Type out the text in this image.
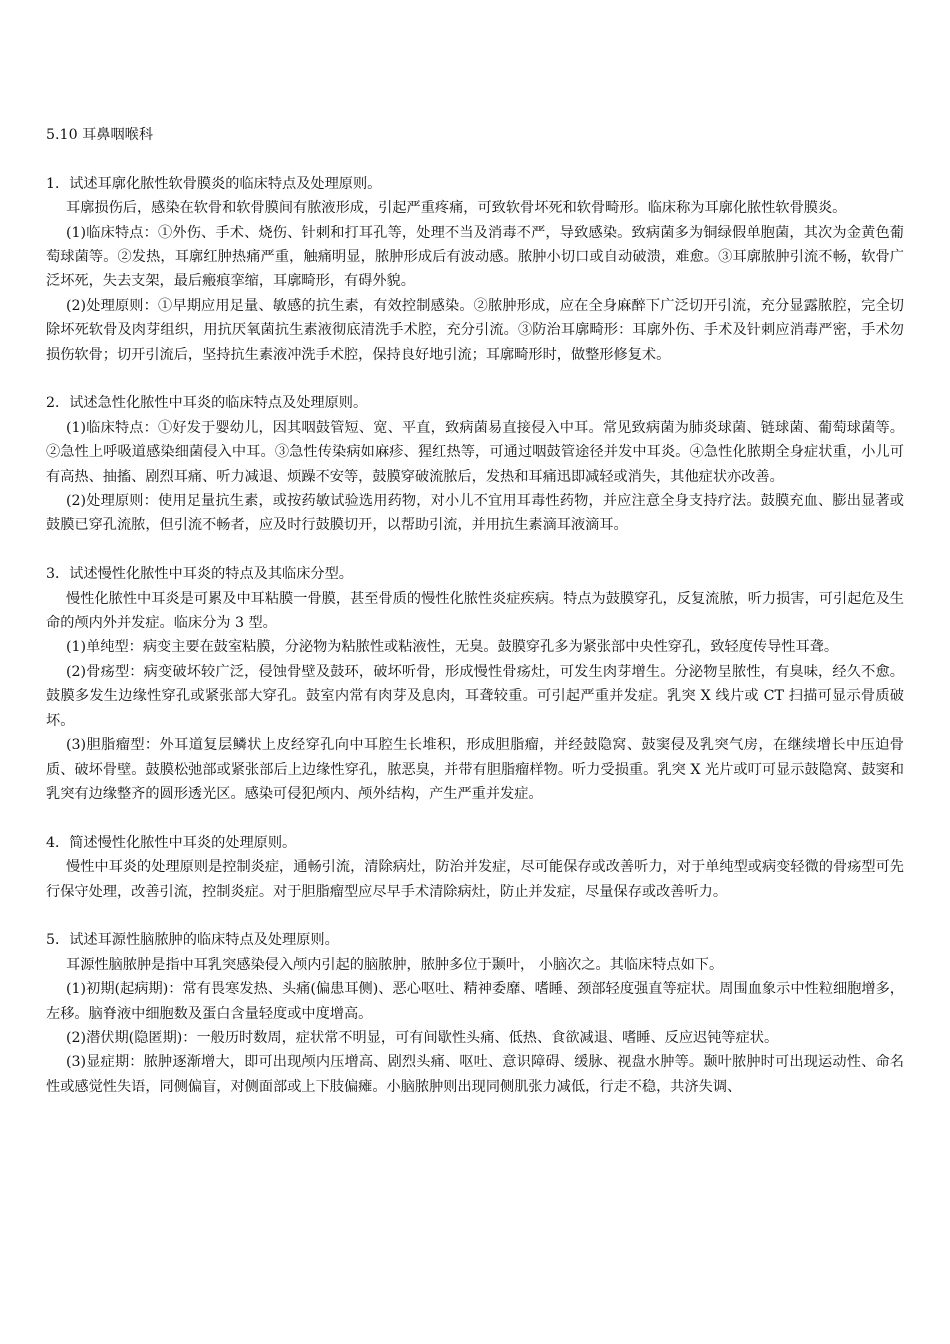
5.10 耳鼻咽喉科

1．试述耳廓化脓性软骨膜炎的临床特点及处理原则。

耳廓损伤后，感染在软骨和软骨膜间有脓液形成，引起严重疼痛，可致软骨坏死和软骨畸形。临床称为耳廓化脓性软骨膜炎。

(1)临床特点：①外伤、手术、烧伤、针刺和打耳孔等，处理不当及消毒不严，导致感染。致病菌多为铜绿假单胞菌，其次为金黄色葡萄球菌等。②发热，耳廓红肿热痛严重，触痛明显，脓肿形成后有波动感。脓肿小切口或自动破溃，难愈。③耳廓脓肿引流不畅，软骨广泛坏死，失去支架，最后瘢痕挛缩，耳廓畸形，有碍外貌。

(2)处理原则：①早期应用足量、敏感的抗生素，有效控制感染。②脓肿形成，应在全身麻醉下广泛切开引流，充分显露脓腔，完全切除坏死软骨及肉芽组织，用抗厌氧菌抗生素液彻底清洗手术腔，充分引流。③防治耳廓畸形：耳廓外伤、手术及针刺应消毒严密，手术勿损伤软骨；切开引流后，坚持抗生素液冲洗手术腔，保持良好地引流；耳廓畸形时，做整形修复术。

2．试述急性化脓性中耳炎的临床特点及处理原则。

(1)临床特点：①好发于婴幼儿，因其咽鼓管短、宽、平直，致病菌易直接侵入中耳。常见致病菌为肺炎球菌、链球菌、葡萄球菌等。②急性上呼吸道感染细菌侵入中耳。③急性传染病如麻疹、猩红热等，可通过咽鼓管途径并发中耳炎。④急性化脓期全身症状重，小儿可有高热、抽搐、剧烈耳痛、听力减退、烦躁不安等，鼓膜穿破流脓后，发热和耳痛迅即减轻或消失，其他症状亦改善。

(2)处理原则：使用足量抗生素，或按药敏试验选用药物，对小儿不宜用耳毒性药物，并应注意全身支持疗法。鼓膜充血、膨出显著或鼓膜已穿孔流脓，但引流不畅者，应及时行鼓膜切开，以帮助引流，并用抗生素滴耳液滴耳。

3．试述慢性化脓性中耳炎的特点及其临床分型。

慢性化脓性中耳炎是可累及中耳粘膜一骨膜，甚至骨质的慢性化脓性炎症疾病。特点为鼓膜穿孔，反复流脓，听力损害，可引起危及生命的颅内外并发症。临床分为 3 型。

(1)单纯型：病变主要在鼓室粘膜，分泌物为粘脓性或粘液性，无臭。鼓膜穿孔多为紧张部中央性穿孔，致轻度传导性耳聋。

(2)骨疡型：病变破坏较广泛，侵蚀骨壁及鼓环，破坏听骨，形成慢性骨疡灶，可发生肉芽增生。分泌物呈脓性，有臭味，经久不愈。鼓膜多发生边缘性穿孔或紧张部大穿孔。鼓室内常有肉芽及息肉，耳聋较重。可引起严重并发症。乳突 X 线片或 CT 扫描可显示骨质破坏。

(3)胆脂瘤型：外耳道复层鳞状上皮经穿孔向中耳腔生长堆积，形成胆脂瘤，并经鼓隐窝、鼓窦侵及乳突气房，在继续增长中压迫骨质、破坏骨壁。鼓膜松弛部或紧张部后上边缘性穿孔，脓恶臭，并带有胆脂瘤样物。听力受损重。乳突 X 光片或叮可显示鼓隐窝、鼓窦和乳突有边缘整齐的圆形透光区。感染可侵犯颅内、颅外结构，产生严重并发症。

4．简述慢性化脓性中耳炎的处理原则。

慢性中耳炎的处理原则是控制炎症，通畅引流，清除病灶，防治并发症，尽可能保存或改善听力，对于单纯型或病变轻微的骨疡型可先行保守处理，改善引流，控制炎症。对于胆脂瘤型应尽早手术清除病灶，防止并发症，尽量保存或改善听力。

5．试述耳源性脑脓肿的临床特点及处理原则。

耳源性脑脓肿是指中耳乳突感染侵入颅内引起的脑脓肿，脓肿多位于颞叶， 小脑次之。其临床特点如下。

(1)初期(起病期)：常有畏寒发热、头痛(偏患耳侧)、恶心呕吐、精神委靡、嗜睡、颈部轻度强直等症状。周围血象示中性粒细胞增多，左移。脑脊液中细胞数及蛋白含量轻度或中度增高。

(2)潜伏期(隐匿期)：一般历时数周，症状常不明显，可有间歇性头痛、低热、食欲减退、嗜睡、反应迟钝等症状。

(3)显症期：脓肿逐渐增大，即可出现颅内压增高、剧烈头痛、呕吐、意识障碍、缓脉、视盘水肿等。颞叶脓肿时可出现运动性、命名性或感觉性失语，同侧偏盲，对侧面部或上下肢偏瘫。小脑脓肿则出现同侧肌张力减低，行走不稳，共济失调、
